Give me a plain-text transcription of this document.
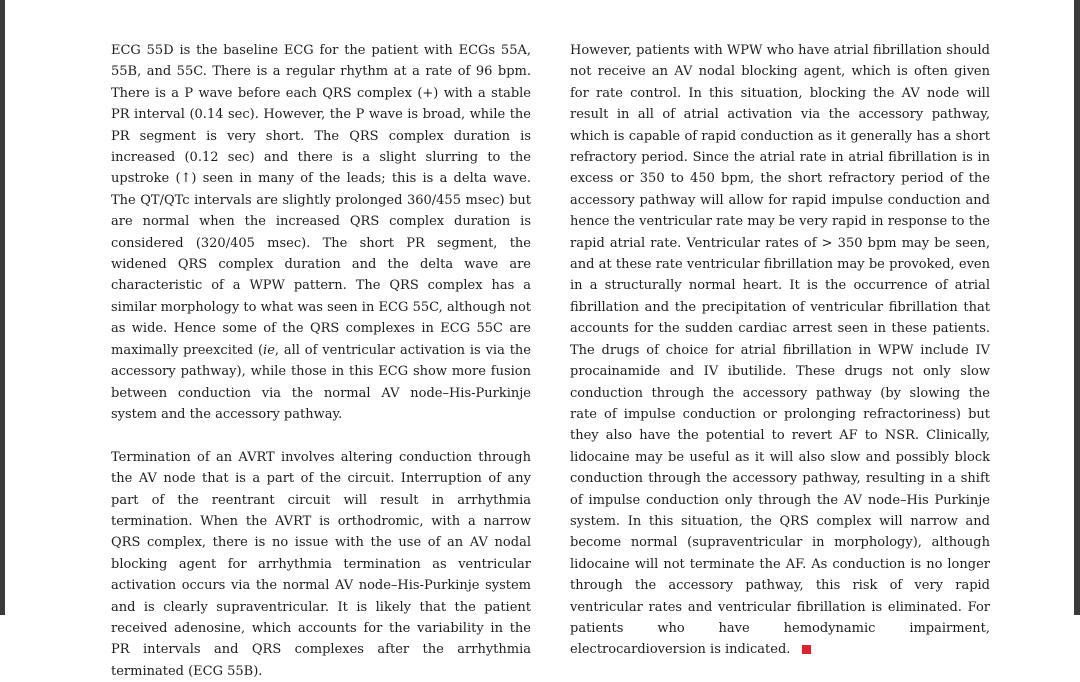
ECG 55D is the baseline ECG for the patient with ECGs 55A, 55B, and 55C. There is a regular rhythm at a rate of 96 bpm. There is a P wave before each QRS complex (+) with a stable PR interval (0.14 sec). However, the P wave is broad, while the PR segment is very short. The QRS complex duration is increased (0.12 sec) and there is a slight slurring to the upstroke (↑) seen in many of the leads; this is a delta wave. The QT/QTc intervals are slightly prolonged 360/455 msec) but are normal when the increased QRS complex duration is considered (320/405 msec). The short PR segment, the widened QRS complex duration and the delta wave are characteristic of a WPW pattern. The QRS complex has a similar morphology to what was seen in ECG 55C, although not as wide. Hence some of the QRS complexes in ECG 55C are maximally preexcited (ie, all of ventricular activation is via the accessory pathway), while those in this ECG show more fusion between conduction via the normal AV node–His-Purkinje system and the accessory pathway.

Termination of an AVRT involves altering conduction through the AV node that is a part of the circuit. Interruption of any part of the reentrant circuit will result in arrhythmia termination. When the AVRT is orthodromic, with a narrow QRS complex, there is no issue with the use of an AV nodal blocking agent for arrhythmia termination as ventricular activation occurs via the normal AV node–His-Purkinje system and is clearly supraventricular. It is likely that the patient received adenosine, which accounts for the variability in the PR intervals and QRS complexes after the arrhythmia terminated (ECG 55B).

However, patients with WPW who have atrial fibrillation should not receive an AV nodal blocking agent, which is often given for rate control. In this situation, blocking the AV node will result in all of atrial activation via the accessory pathway, which is capable of rapid conduction as it generally has a short refractory period. Since the atrial rate in atrial fibrillation is in excess or 350 to 450 bpm, the short refractory period of the accessory pathway will allow for rapid impulse conduction and hence the ventricular rate may be very rapid in response to the rapid atrial rate. Ventricular rates of > 350 bpm may be seen, and at these rate ventricular fibrillation may be provoked, even in a structurally normal heart. It is the occurrence of atrial fibrillation and the precipitation of ventricular fibrillation that accounts for the sudden cardiac arrest seen in these patients. The drugs of choice for atrial fibrillation in WPW include IV procainamide and IV ibutilide. These drugs not only slow conduction through the accessory pathway (by slowing the rate of impulse conduction or prolonging refractoriness) but they also have the potential to revert AF to NSR. Clinically, lidocaine may be useful as it will also slow and possibly block conduction through the accessory pathway, resulting in a shift of impulse conduction only through the AV node–His Purkinje system. In this situation, the QRS complex will narrow and become normal (supraventricular in morphology), although lidocaine will not terminate the AF. As conduction is no longer through the accessory pathway, this risk of very rapid ventricular rates and ventricular fibrillation is eliminated. For patients who have hemodynamic impairment, electrocardioversion is indicated.
